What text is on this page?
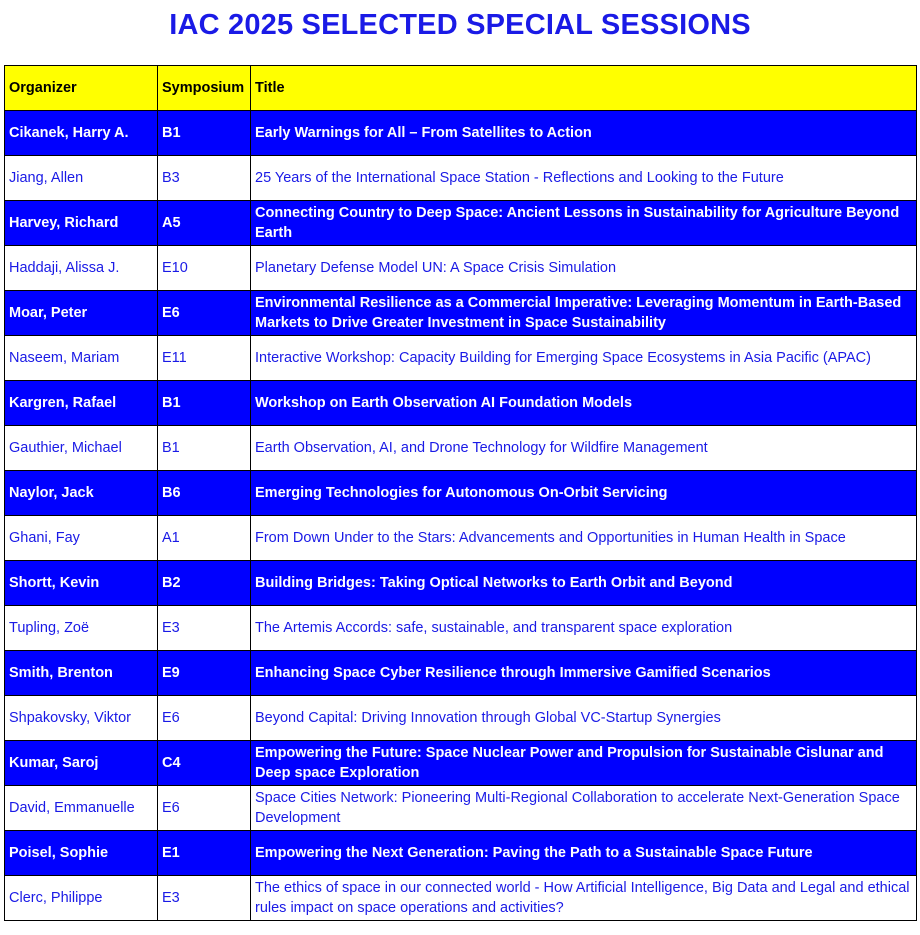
IAC 2025 SELECTED SPECIAL SESSIONS
Organizer	Symposium	Title
Cikanek, Harry A.	B1	Early Warnings for All – From Satellites to Action
Jiang, Allen	B3	25 Years of the International Space Station - Reflections and Looking to the Future
Harvey, Richard	A5	Connecting Country to Deep Space: Ancient Lessons in Sustainability for Agriculture Beyond Earth
Haddaji, Alissa J.	E10	Planetary Defense Model UN: A Space Crisis Simulation
Moar, Peter	E6	Environmental Resilience as a Commercial Imperative: Leveraging Momentum in Earth-Based Markets to Drive Greater Investment in Space Sustainability
Naseem, Mariam	E11	Interactive Workshop: Capacity Building for Emerging Space Ecosystems in Asia Pacific (APAC)
Kargren, Rafael	B1	Workshop on Earth Observation AI Foundation Models
Gauthier, Michael	B1	Earth Observation, AI, and Drone Technology for Wildfire Management
Naylor, Jack	B6	Emerging Technologies for Autonomous On-Orbit Servicing
Ghani, Fay	A1	From Down Under to the Stars: Advancements and Opportunities in Human Health in Space
Shortt, Kevin	B2	Building Bridges: Taking Optical Networks to Earth Orbit and Beyond
Tupling, Zoë	E3	The Artemis Accords: safe, sustainable, and transparent space exploration
Smith, Brenton	E9	Enhancing Space Cyber Resilience through Immersive Gamified Scenarios
Shpakovsky, Viktor	E6	Beyond Capital: Driving Innovation through Global VC-Startup Synergies
Kumar, Saroj	C4	Empowering the Future: Space Nuclear Power and Propulsion for Sustainable Cislunar and Deep space Exploration
David, Emmanuelle	E6	Space Cities Network: Pioneering Multi-Regional Collaboration to accelerate Next-Generation Space Development
Poisel, Sophie	E1	Empowering the Next Generation: Paving the Path to a Sustainable Space Future
Clerc, Philippe	E3	The ethics of space in our connected world - How Artificial Intelligence, Big Data and Legal and ethical rules impact on space operations and activities?
